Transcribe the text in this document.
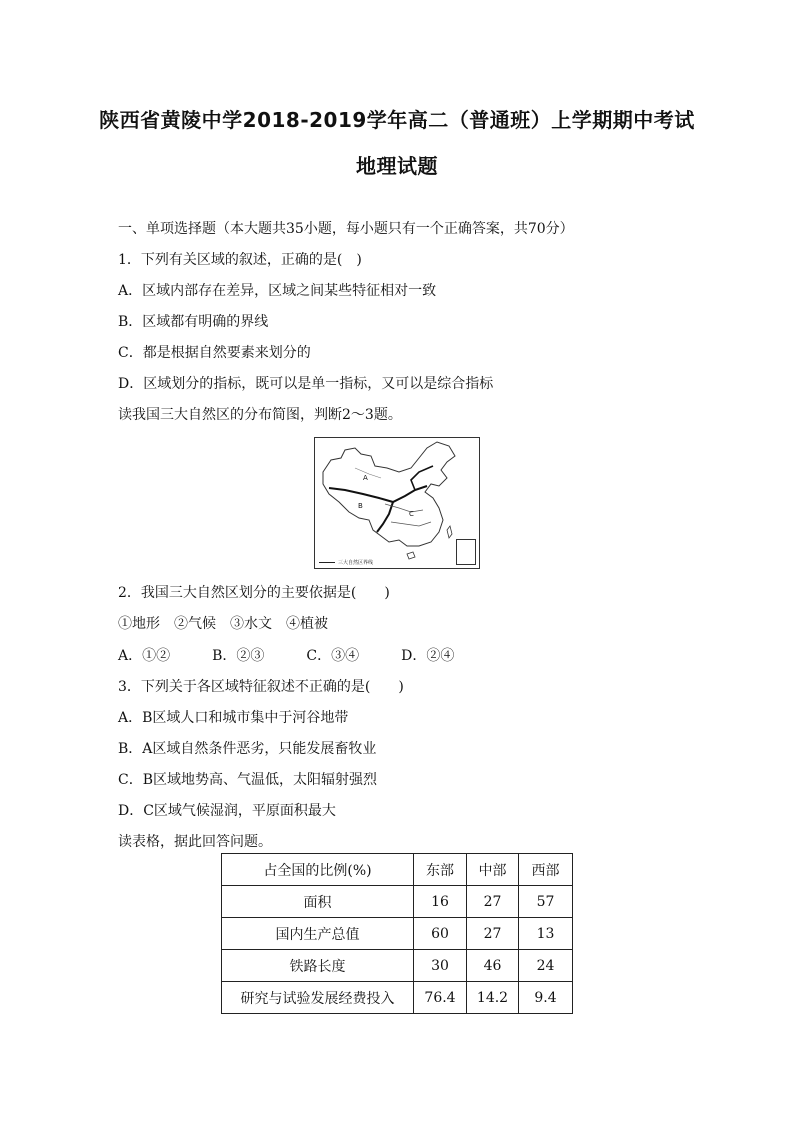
陕西省黄陵中学2018-2019学年高二（普通班）上学期期中考试
地理试题
一、单项选择题（本大题共35小题，每小题只有一个正确答案，共70分）
1．下列有关区域的叙述，正确的是(　)
A．区域内部存在差异，区域之间某些特征相对一致
B．区域都有明确的界线
C．都是根据自然要素来划分的
D．区域划分的指标，既可以是单一指标，又可以是综合指标
读我国三大自然区的分布简图，判断2～3题。
A
B
C
三大自然区界线
2．我国三大自然区划分的主要依据是(　　)
①地形　②气候　③水文　④植被
A．①②　　　B．②③　　　C．③④　　　D．②④
3．下列关于各区域特征叙述不正确的是(　　)
A．B区域人口和城市集中于河谷地带
B．A区域自然条件恶劣，只能发展畜牧业
C．B区域地势高、气温低，太阳辐射强烈
D．C区域气候湿润，平原面积最大
读表格，据此回答问题。
占全国的比例(%)	东部	中部	西部
面积	16	27	57
国内生产总值	60	27	13
铁路长度	30	46	24
研究与试验发展经费投入	76.4	14.2	9.4
